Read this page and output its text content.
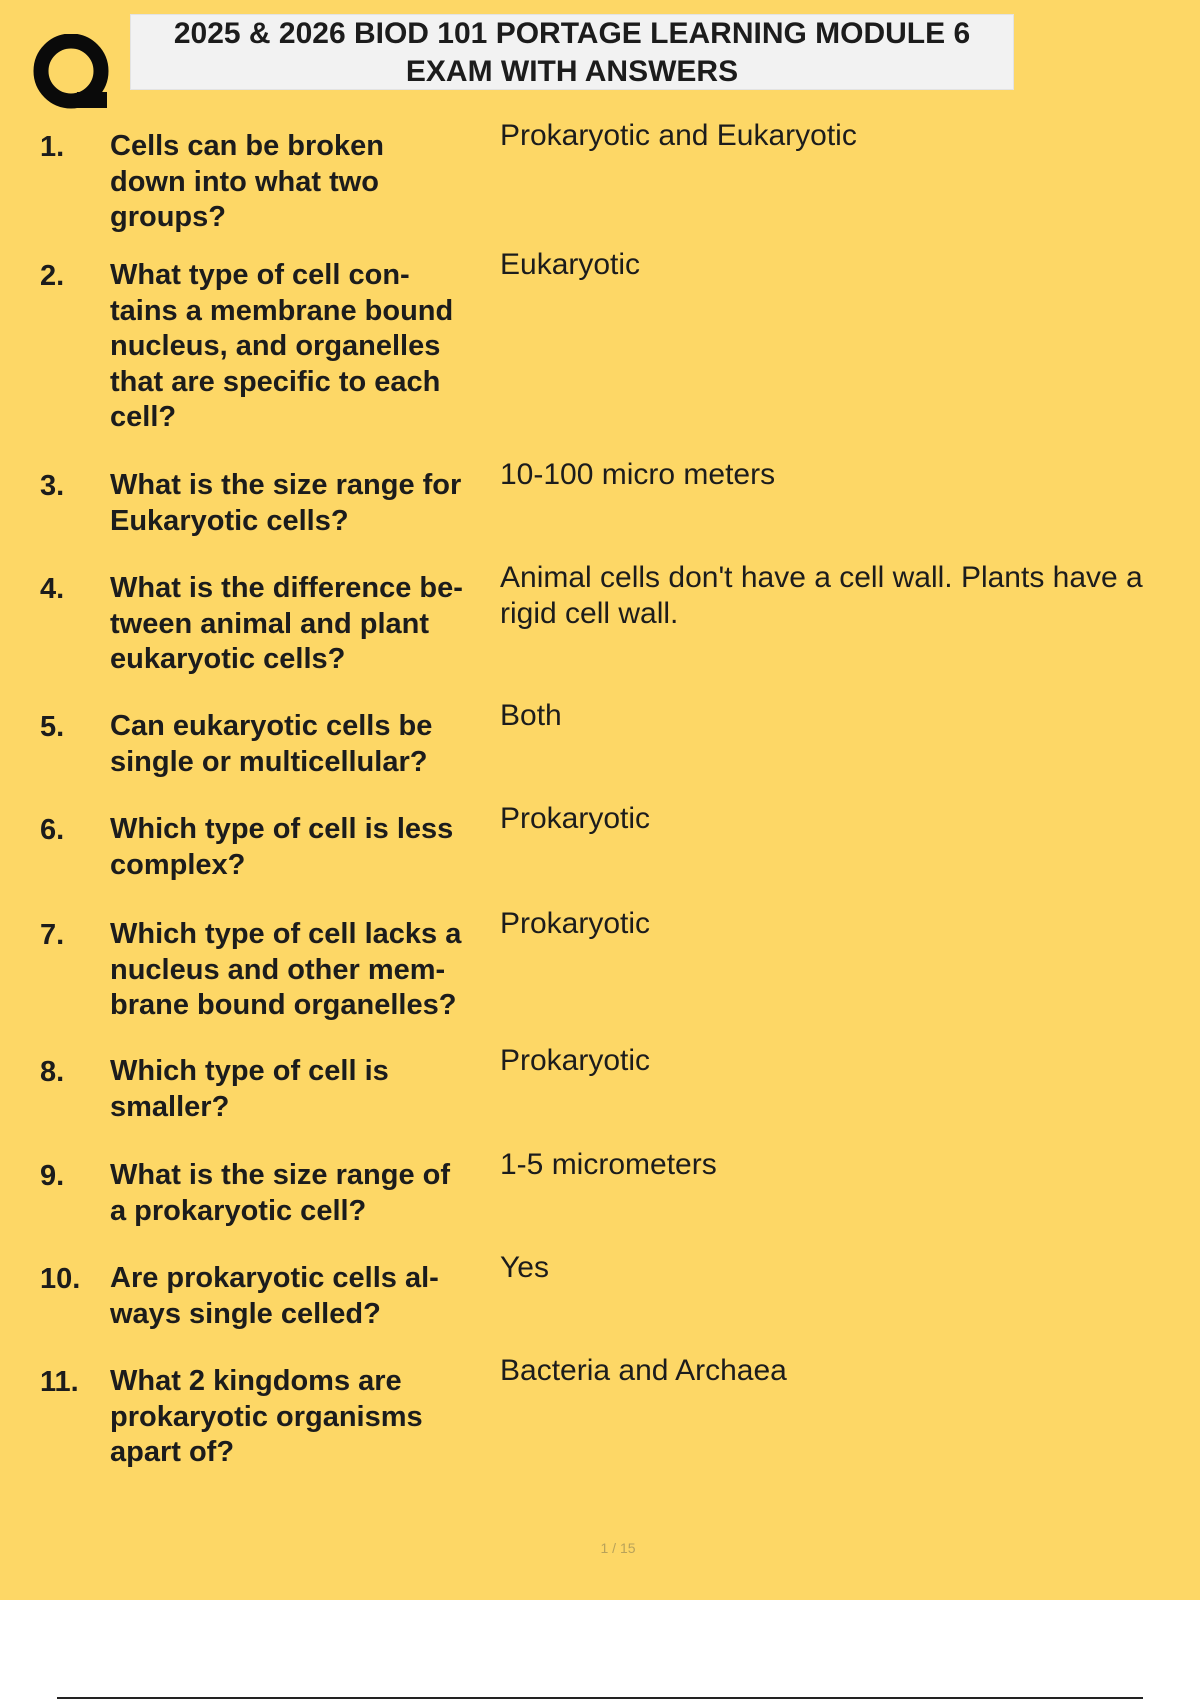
2025 & 2026 BIOD 101 PORTAGE LEARNING MODULE 6
EXAM WITH ANSWERS
1. Cells can be broken
down into what two
groups?
Prokaryotic and Eukaryotic
2. What type of cell con-
tains a membrane bound
nucleus, and organelles
that are specific to each
cell?
Eukaryotic
3. What is the size range for
Eukaryotic cells?
10-100 micro meters
4. What is the difference be-
tween animal and plant
eukaryotic cells?
Animal cells don't have a cell wall. Plants have a
rigid cell wall.
5. Can eukaryotic cells be
single or multicellular?
Both
6. Which type of cell is less
complex?
Prokaryotic
7. Which type of cell lacks a
nucleus and other mem-
brane bound organelles?
Prokaryotic
8. Which type of cell is
smaller?
Prokaryotic
9. What is the size range of
a prokaryotic cell?
1-5 micrometers
10. Are prokaryotic cells al-
ways single celled?
Yes
11. What 2 kingdoms are
prokaryotic organisms
apart of?
Bacteria and Archaea
1 / 15
